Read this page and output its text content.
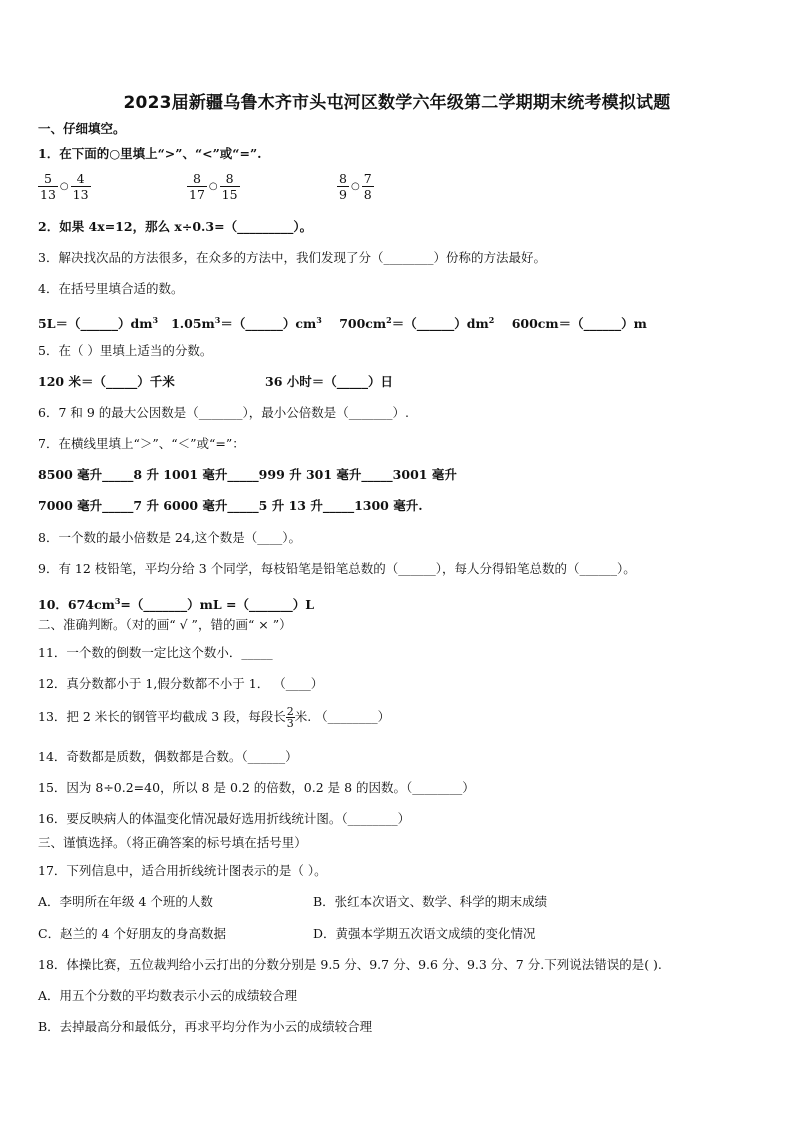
2023届新疆乌鲁木齐市头屯河区数学六年级第二学期期末统考模拟试题
一、仔细填空。
1．在下面的○里填上“>”、“<”或“=”.
$\frac{5}{13}$ ○ $\frac{4}{13}$	$\frac{8}{17}$ ○ $\frac{8}{15}$	$\frac{8}{9}$ ○ $\frac{7}{8}$
2．如果 4x=12，那么 x÷0.3=（_________）。
3．解决找次品的方法很多，在众多的方法中，我们发现了分（________）份称的方法最好。
4．在括号里填合适的数。
$5L=(\_\_\_\_\_\_)dm^3$ $1.05m^3=(\_\_\_\_\_\_)cm^3$ $700cm^2=(\_\_\_\_\_\_)dm^2$ 600cm＝（______）m
5．在（ ）里填上适当的分数。
120 米＝（_____）千米	36 小时＝（_____）日
6．7 和 9 的最大公因数是（_______），最小公倍数是（_______）.
7．在横线里填上“＞”、“＜”或“=”：
8500 毫升_____8 升 1001 毫升_____999 升 301 毫升_____3001 毫升
7000 毫升_____7 升 6000 毫升_____5 升 13 升_____1300 毫升.
8．一个数的最小倍数是 24,这个数是（____）。
9．有 12 枝铅笔，平均分给 3 个同学，每枝铅笔是铅笔总数的（______），每人分得铅笔总数的（______）。
10．$674cm^3=(\_\_\_\_\_\_\_)mL$ =（_______）L
二、准确判断。（对的画“ √ ”，错的画“ × ”）
11．一个数的倒数一定比这个数小．_____
12．真分数都小于 1,假分数都不小于 1． （____）
13．把 2 米长的钢管平均截成 3 段，每段长 $\frac{2}{3}$ 米. （________）
14．奇数都是质数，偶数都是合数。（______）
15．因为 8÷0.2=40，所以 8 是 0.2 的倍数，0.2 是 8 的因数。（________）
16．要反映病人的体温变化情况最好选用折线统计图。（________）
三、谨慎选择。（将正确答案的标号填在括号里）
17．下列信息中，适合用折线统计图表示的是（ ）。
A．李明所在年级 4 个班的人数	B．张红本次语文、数学、科学的期末成绩
C．赵兰的 4 个好朋友的身高数据	D．黄强本学期五次语文成绩的变化情况
18．体操比赛，五位裁判给小云打出的分数分别是 9.5 分、9.7 分、9.6 分、9.3 分、7 分.下列说法错误的是( ).
A．用五个分数的平均数表示小云的成绩较合理
B．去掉最高分和最低分，再求平均分作为小云的成绩较合理
